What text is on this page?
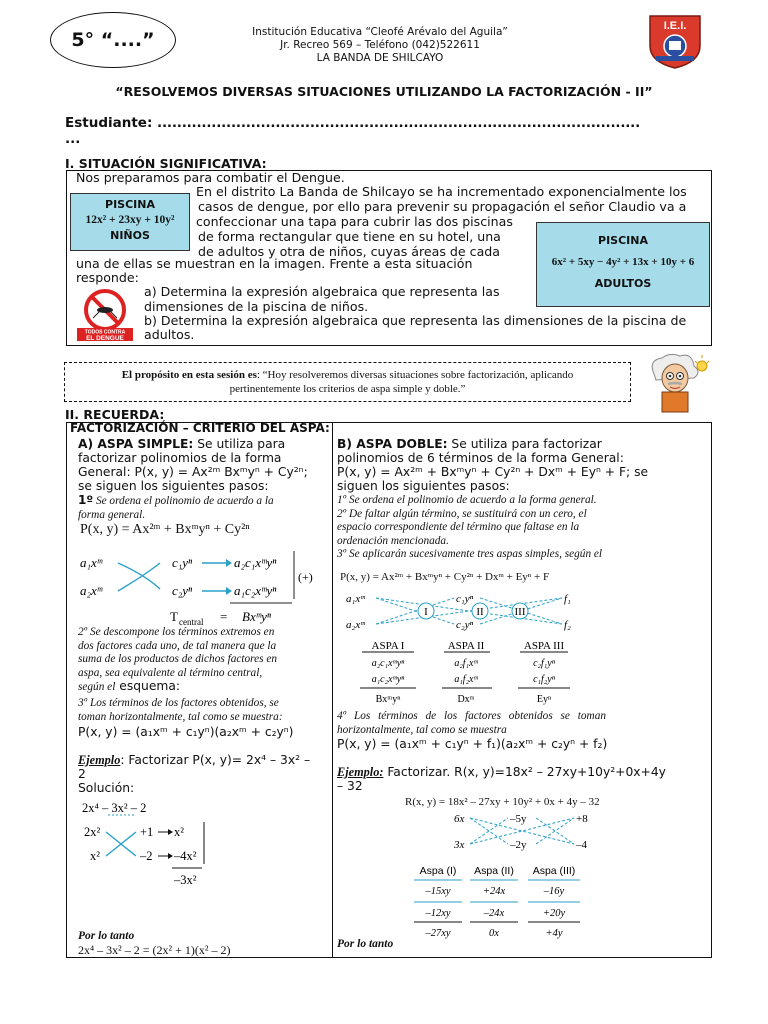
5° “....”	Institución Educativa “Cleofé Arévalo del Aguila”
Jr. Recreo 569 – Teléfono (042)522611
LA BANDA DE SHILCAYO
I.E.I.
“RESOLVEMOS DIVERSAS SITUACIONES UTILIZANDO LA FACTORIZACIÓN - II”
Estudiante: ..................................................................................................
...
I. SITUACIÓN SIGNIFICATIVA:
Nos preparamos para combatir el Dengue.
En el distrito La Banda de Shilcayo se ha incrementado exponencialmente los
casos de dengue, por ello para prevenir su propagación el señor Claudio va a
confeccionar una tapa para cubrir las dos piscinas
de forma rectangular que tiene en su hotel, una
de adultos y otra de niños, cuyas áreas de cada
una de ellas se muestran en la imagen. Frente a esta situación
responde:
a) Determina la expresión algebraica que representa las
dimensiones de la piscina de niños.
b) Determina la expresión algebraica que representa las dimensiones de la piscina de
adultos.
PISCINA
12x² + 23xy + 10y²
NIÑOS	PISCINA
6x² + 5xy − 4y² + 13x + 10y + 6
ADULTOS
TODOS CONTRA
EL DENGUE
El propósito en esta sesión es: “Hoy resolveremos diversas situaciones sobre factorización, aplicando
pertinentemente los criterios de aspa simple y doble.”
II. RECUERDA:
FACTORIZACIÓN – CRITERIO DEL ASPA:
A) ASPA SIMPLE: Se utiliza para
factorizar polinomios de la forma
General: P(x, y) = Ax²ᵐ Bxᵐyⁿ + Cy²ⁿ;
se siguen los siguientes pasos:
1º Se ordena el polinomio de acuerdo a la
forma general.
P(x, y) = Ax²ᵐ + Bxᵐyⁿ + Cy²ⁿ
a₁xᵐ
a₂xᵐ
c₁yⁿ
c₂yⁿ
a₂c₁xᵐyⁿ
a₁c₂xᵐyⁿ
(+)
T central = Bxᵐyⁿ
2º Se descompone los términos extremos en
dos factores cada uno, de tal manera que la
suma de los productos de dichos factores en
aspa, sea equivalente al término central,
según el esquema:
3º Los términos de los factores obtenidos, se
toman horizontalmente, tal como se muestra:
P(x, y) = (a₁xᵐ + c₁yⁿ)(a₂xᵐ + c₂yⁿ)
Ejemplo: Factorizar P(x, y)= 2x⁴ – 3x² –
2
Solución:
2x⁴ – 3x² – 2
2x²
x²
+1
–2
x²
–4x²
–3x²
Por lo tanto
2x⁴ – 3x² – 2 = (2x² + 1)(x² – 2)
B) ASPA DOBLE: Se utiliza para factorizar
polinomios de 6 términos de la forma General:
P(x, y) = Ax²ᵐ + Bxᵐyⁿ + Cy²ⁿ + Dxᵐ + Eyⁿ + F; se
siguen los siguientes pasos:
1º Se ordena el polinomio de acuerdo a la forma general.
2º De faltar algún término, se sustituirá con un cero, el
espacio correspondiente del término que faltase en la
ordenación mencionada.
3º Se aplicarán sucesivamente tres aspas simples, según el
P(x, y) = Ax²ᵐ + Bxᵐyⁿ + Cy²ⁿ + Dxᵐ + Eyⁿ + F
a₁xᵐ
a₂xᵐ
c₁yⁿ
c₂yⁿ
f₁
f₂
I	II	III
ASPA I
a₂c₁xᵐyⁿ
a₁c₂xᵐyⁿ
Bxᵐyⁿ
ASPA II
a₂f₁xᵐ
a₁f₂xᵐ
Dxᵐ
ASPA III
c₂f₁yⁿ
c₁f₂yⁿ
Eyⁿ
4º Los términos de los factores obtenidos se toman
horizontalmente, tal como se muestra
P(x, y) = (a₁xᵐ + c₁yⁿ + f₁)(a₂xᵐ + c₂yⁿ + f₂)
Ejemplo: Factorizar. R(x, y)=18x² – 27xy+10y²+0x+4y
– 32
R(x, y) = 18x² – 27xy + 10y² + 0x + 4y – 32
6x
3x
–5y
–2y
+8
–4
Aspa (I)
–15xy
–12xy
–27xy
Aspa (II)
+24x
–24x
0x
Aspa (III)
–16y
+20y
+4y
Por lo tanto
